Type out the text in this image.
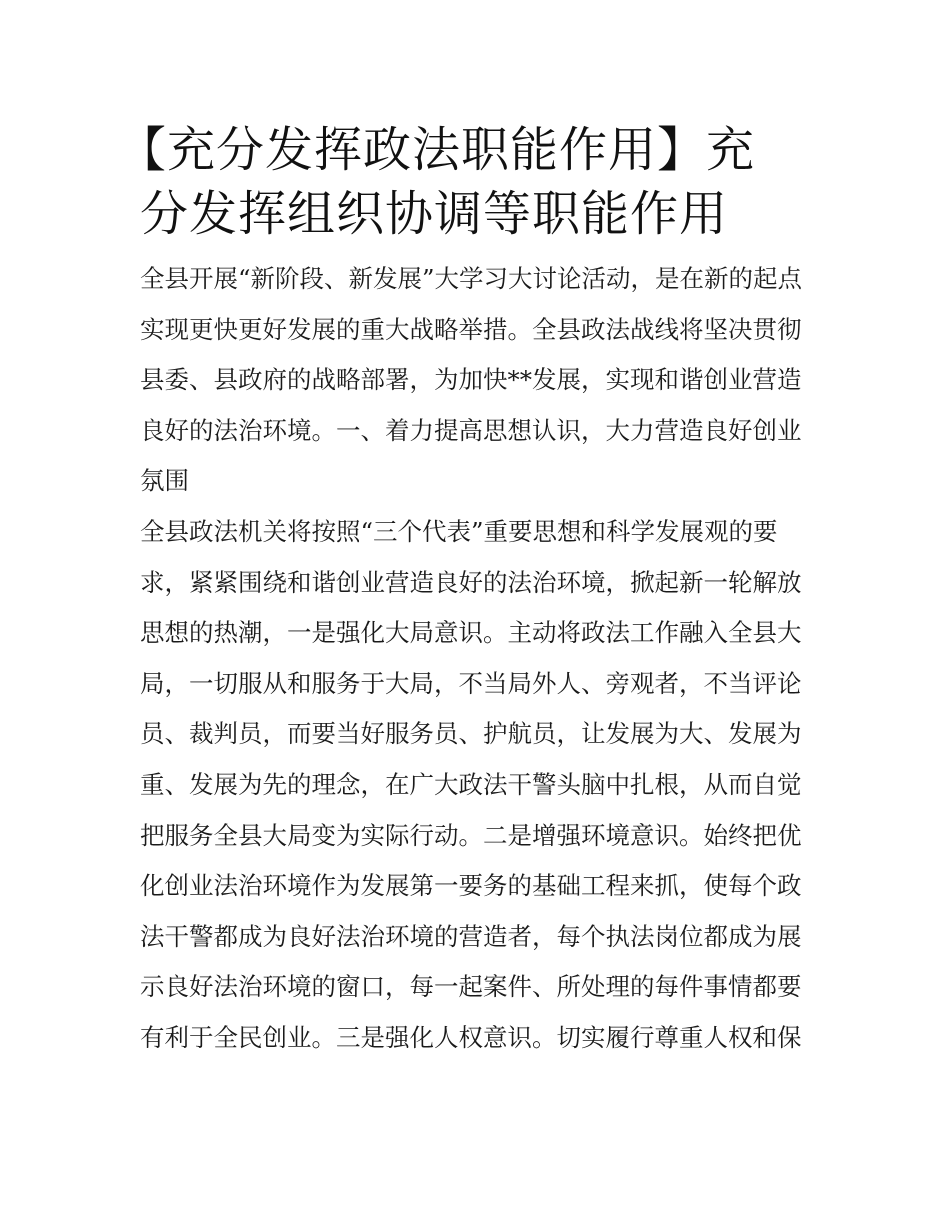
【充分发挥政法职能作用】充
分发挥组织协调等职能作用
全县开展“新阶段、新发展”大学习大讨论活动，是在新的起点
实现更快更好发展的重大战略举措。全县政法战线将坚决贯彻
县委、县政府的战略部署，为加快**发展，实现和谐创业营造
良好的法治环境。一、着力提高思想认识，大力营造良好创业
氛围
全县政法机关将按照“三个代表”重要思想和科学发展观的要
求，紧紧围绕和谐创业营造良好的法治环境，掀起新一轮解放
思想的热潮，一是强化大局意识。主动将政法工作融入全县大
局，一切服从和服务于大局，不当局外人、旁观者，不当评论
员、裁判员，而要当好服务员、护航员，让发展为大、发展为
重、发展为先的理念，在广大政法干警头脑中扎根，从而自觉
把服务全县大局变为实际行动。二是增强环境意识。始终把优
化创业法治环境作为发展第一要务的基础工程来抓，使每个政
法干警都成为良好法治环境的营造者，每个执法岗位都成为展
示良好法治环境的窗口，每一起案件、所处理的每件事情都要
有利于全民创业。三是强化人权意识。切实履行尊重人权和保
